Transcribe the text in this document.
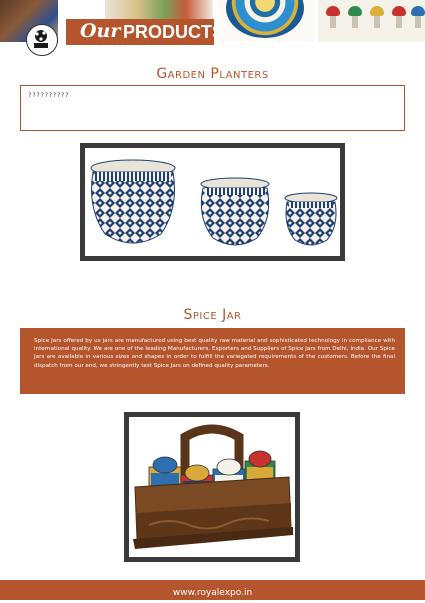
Our PRODUCTS
Garden Planters
??????????
Spice Jar
Spice Jars offered by us jars are manufactured using best quality raw material and sophisticated technology in compliance with international quality. We are one of the leading Manufacturers, Exporters and Suppliers of Spice Jars from Delhi, India. Our Spice Jars are available in various sizes and shapes in order to fulfill the variegated requirements of the customers. Before the final dispatch from our end, we stringently test Spice Jars on defined quality parameters.
www.royalexpo.in
